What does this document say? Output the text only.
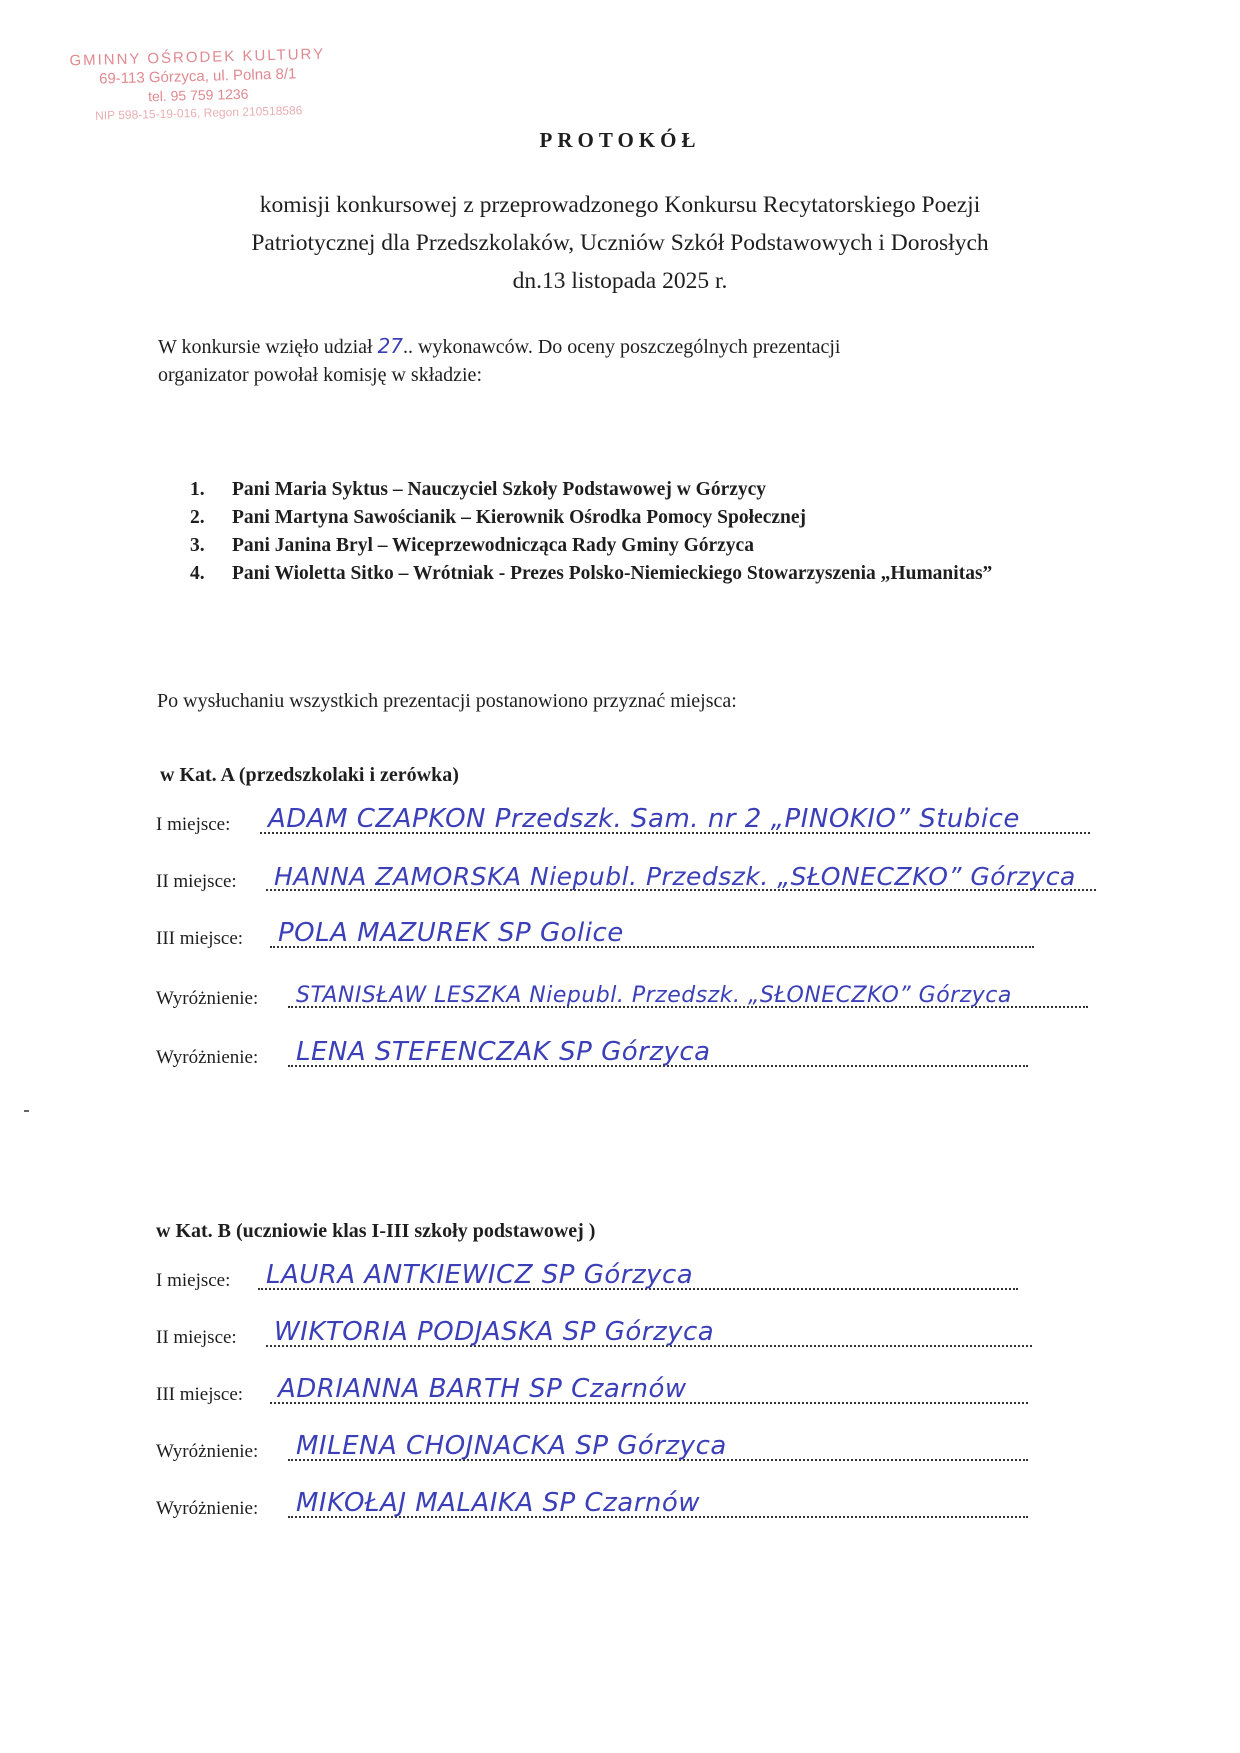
GMINNY OŚRODEK KULTURY
69-113 Górzyca, ul. Polna 8/1
tel. 95 759 1236
NIP 598-15-19-016, Regon 210518586
PROTOKÓŁ
komisji konkursowej z przeprowadzonego Konkursu Recytatorskiego Poezji
Patriotycznej dla Przedszkolaków, Uczniów Szkół Podstawowych i Dorosłych
dn.13 listopada 2025 r.
W konkursie wzięło udział 27.. wykonawców. Do oceny poszczególnych prezentacji
organizator powołał komisję w składzie:
1. Pani Maria Syktus – Nauczyciel Szkoły Podstawowej w Górzycy
2. Pani Martyna Sawościanik – Kierownik Ośrodka Pomocy Społecznej
3. Pani Janina Bryl – Wiceprzewodnicząca Rady Gminy Górzyca
4. Pani Wioletta Sitko – Wrótniak - Prezes Polsko-Niemieckiego Stowarzyszenia „Humanitas”
Po wysłuchaniu wszystkich prezentacji postanowiono przyznać miejsca:
w Kat. A (przedszkolaki i zerówka)
I miejsce: ADAM CZAPKON Przedszk. Sam. nr 2 „PINOKIO” Stubice
II miejsce: HANNA ZAMORSKA Niepubl. Przedszk. „SŁONECZKO” Górzyca
III miejsce: POLA MAZUREK SP Golice
Wyróżnienie: STANISŁAW LESZKA Niepubl. Przedszk. „SŁONECZKO” Górzyca
Wyróżnienie: LENA STEFENCZAK SP Górzyca
w Kat. B (uczniowie klas I-III szkoły podstawowej )
I miejsce: LAURA ANTKIEWICZ SP Górzyca
II miejsce: WIKTORIA PODJASKA SP Górzyca
III miejsce: ADRIANNA BARTH SP Czarnów
Wyróżnienie: MILENA CHOJNACKA SP Górzyca
Wyróżnienie: MIKOŁAJ MALAIKA SP Czarnów
